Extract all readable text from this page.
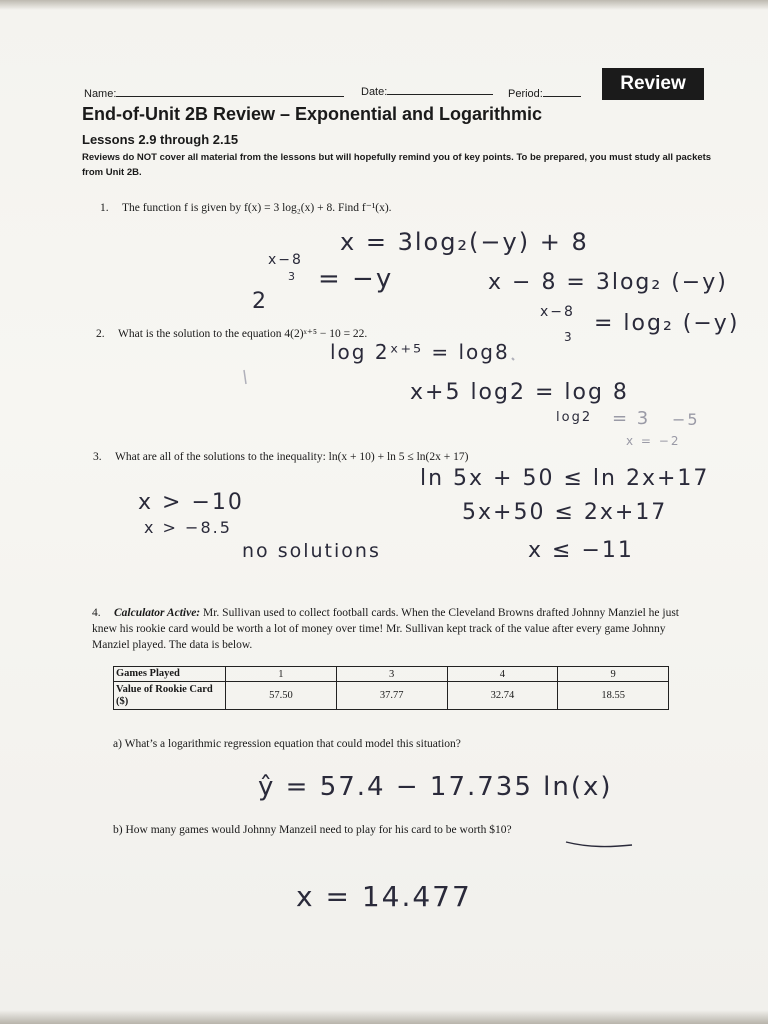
Name:	Date:	Period:	Review
End-of-Unit 2B Review – Exponential and Logarithmic
Lessons 2.9 through 2.15
Reviews do NOT cover all material from the lessons but will hopefully remind you of key points. To be prepared, you must study all packets from Unit 2B.
1. The function f is given by f(x) = 3 log₂(x) + 8. Find f⁻¹(x).
2. What is the solution to the equation 4(2)ˣ⁺⁵ − 10 = 22.
3. What are all of the solutions to the inequality: ln(x + 10) + ln 5 ≤ ln(2x + 17)
4. Calculator Active: Mr. Sullivan used to collect football cards. When the Cleveland Browns drafted Johnny Manziel he just knew his rookie card would be worth a lot of money over time! Mr. Sullivan kept track of the value after every game Johnny Manziel played. The data is below.
Games Played	1	3	4	9
Value of Rookie Card ($)	57.50	37.77	32.74	18.55
a) What’s a logarithmic regression equation that could model this situation?
b) How many games would Johnny Manzeil need to play for his card to be worth $10?
x = 3log₂(−y) + 8
x−8
3 = −y
2
x − 8 = 3log₂ (−y)
x−8
3
= log₂ (−y)
log 2ˣ⁺⁵ = log8
x+5 log2 = log 8
log2 = 3 −5
x = −2
ln 5x + 50 ≤ ln 2x+17
5x+50 ≤ 2x+17
x ≤ −11
x > −10
x > −8.5
no solutions
ŷ = 57.4 − 17.735 ln(x)
x = 14.477
